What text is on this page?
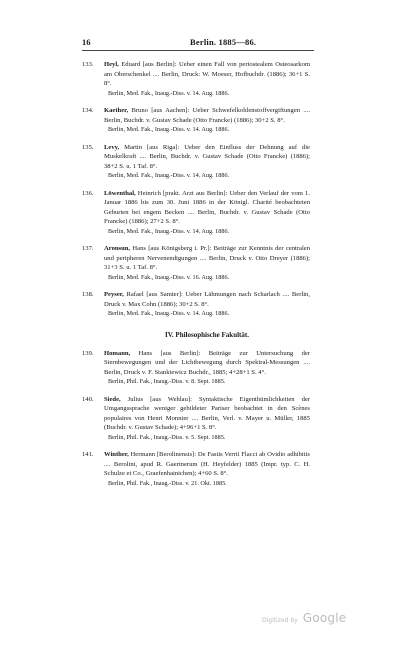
16	Berlin. 1885—86.
133. Heyl, Eduard [aus Berlin]: Ueber einen Fall von periostealem Osteosarkom am Oberschenkel .... Berlin, Druck: W. Moeser, Hofbuchdr. (1886); 36+1 S. 8°.
Berlin, Med. Fak., Inaug.-Diss. v. 14. Aug. 1886.
134. Kaether, Bruno [aus Aachen]: Ueber Schwefelkohlenstoffvergiftungen .... Berlin, Buchdr. v. Gustav Schade (Otto Francke) (1886); 30+2 S. 8°.
Berlin, Med. Fak., Inaug.-Diss. v. 14. Aug. 1886.
135. Levy, Martin [aus Riga]: Ueber den Einfluss der Dehnung auf die Muskelkraft .... Berlin, Buchdr. v. Gustav Schade (Otto Francke) (1886); 38+2 S. u. 1 Taf. 8°.
Berlin, Med. Fak., Inaug.-Diss. v. 14. Aug. 1886.
136. Löwenthal, Heinrich [prakt. Arzt aus Berlin]: Ueber den Verlauf der vom 1. Januar 1886 bis zum 30. Juni 1886 in der Königl. Charité beobachteten Geburten bei engem Becken .... Berlin, Buchdr. v. Gustav Schade (Otto Francke) (1886); 27+2 S. 8°.
Berlin, Med. Fak., Inaug.-Diss. v. 14. Aug. 1886.
137. Aronsun, Hans [aus Königsberg i. Pr.]: Beiträge zur Kenntnis der centralen und peripheren Nervenendigungen .... Berlin, Druck v. Otto Dreyer (1886); 31+3 S. u. 1 Taf. 8°.
Berlin, Med. Fak., Inaug.-Diss. v. 16. Aug. 1886.
138. Peyser, Rafael [aus Samter]: Ueber Lähmungen nach Scharlach .... Berlin, Druck v. Max Cohn (1886); 30+2 S. 8°.
Berlin, Med. Fak., Inaug.-Diss. v. 14. Aug. 1886.
IV. Philosophische Fakultät.
139. Homann, Hans [aus Berlin]: Beiträge zur Untersuchung der Sternbewegungen und der Lichtbewegung durch Spektral-Messungen .... Berlin, Druck v. F. Stankiewicz Buchdr., 1885; 4+28+1 S. 4°.
Berlin, Phil. Fak., Inaug.-Diss. v. 8. Sept. 1885.
140. Siede, Julius [aus Wehlau]: Syntaktische Eigenthümlichkeiten der Umgangssprache weniger gebildeter Pariser beobachtet in den Scènes populaires von Henri Monnier .... Berlin, Verl. v. Mayer u. Müller, 1885 (Buchdr. v. Gustav Schade); 4+96+1 S. 8°.
Berlin, Phil. Fak., Inaug.-Diss. v. 5. Sept. 1885.
141. Winther, Hermann [Berolinensis]: De Fastis Verrii Flacci ab Ovidio adhibitis .... Berolini, apud R. Gaertnerum (H. Heyfelder) 1885 (Impr. typ. C. H. Schulze et Co., Graefenhainichen); 4+60 S. 8°.
Berlin, Phil. Fak., Inaug.-Diss. v. 21. Okt. 1885.
Digitized by Google
